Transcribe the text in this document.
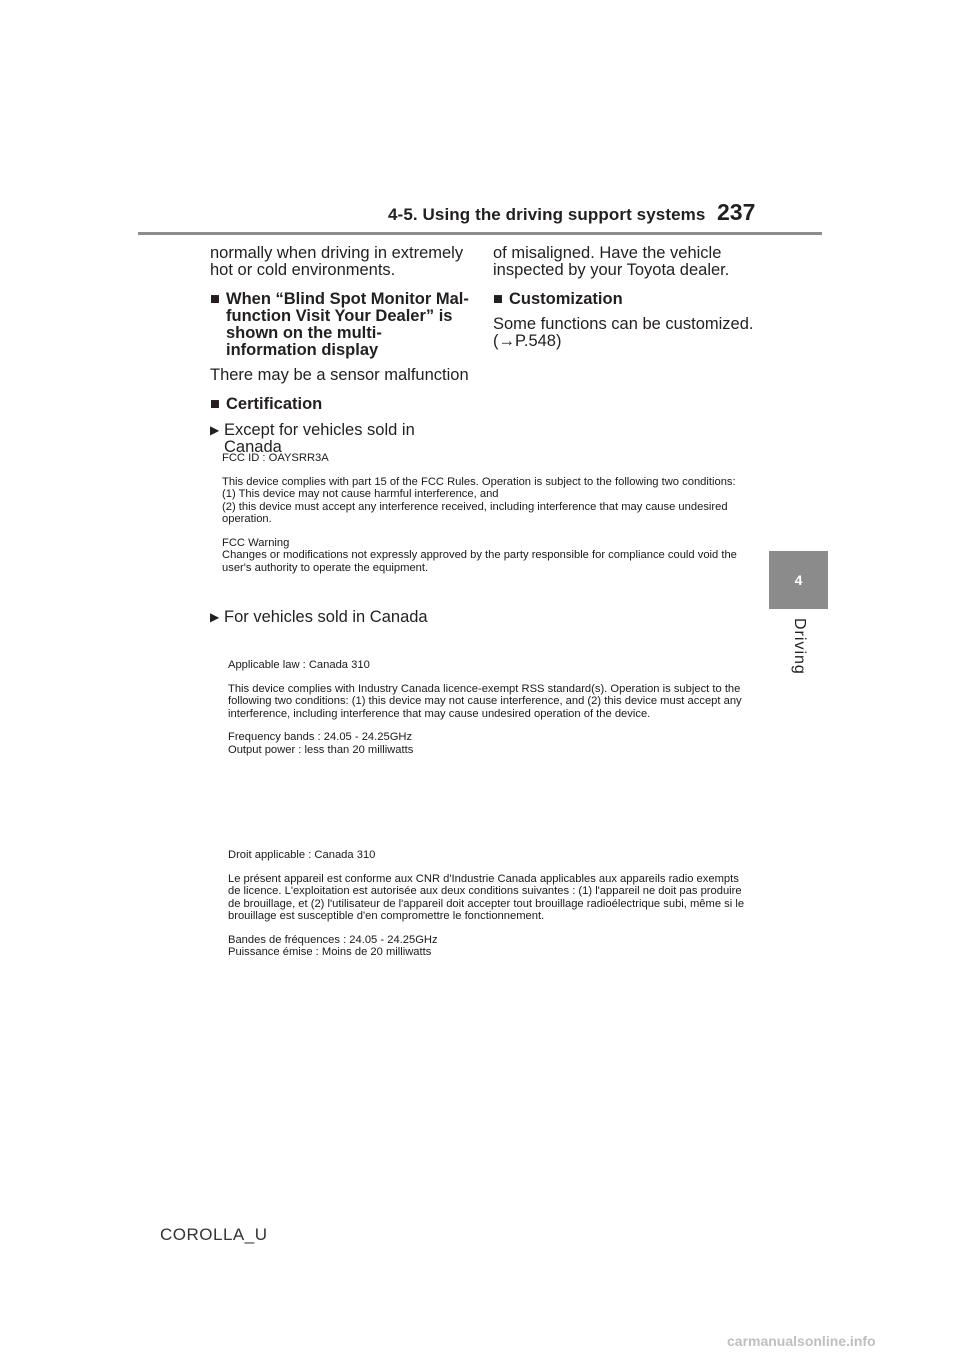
4-5. Using the driving support systems 237
4
Driving

normally when driving in extremely hot or cold environments.

■ When “Blind Spot Monitor Mal-function Visit Your Dealer” is shown on the multi-information display

There may be a sensor malfunction

■ Certification

▶ Except for vehicles sold in Canada

of misaligned. Have the vehicle inspected by your Toyota dealer.

■ Customization

Some functions can be customized. (→P.548)

FCC ID : OAYSRR3A

This device complies with part 15 of the FCC Rules. Operation is subject to the following two conditions:

(1) This device may not cause harmful interference, and

(2) this device must accept any interference received, including interference that may cause undesired operation.

FCC Warning

Changes or modifications not expressly approved by the party responsible for compliance could void the user's authority to operate the equipment.

▶ For vehicles sold in Canada

Applicable law : Canada 310

This device complies with Industry Canada licence-exempt RSS standard(s). Operation is subject to the following two conditions: (1) this device may not cause interference, and (2) this device must accept any interference, including interference that may cause undesired operation of the device.

Frequency bands : 24.05 - 24.25GHz

Output power : less than 20 milliwatts

Droit applicable : Canada 310

Le présent appareil est conforme aux CNR d'Industrie Canada applicables aux appareils radio exempts de licence. L'exploitation est autorisée aux deux conditions suivantes : (1) l'appareil ne doit pas produire de brouillage, et (2) l'utilisateur de l'appareil doit accepter tout brouillage radioélectrique subi, même si le brouillage est susceptible d'en compromettre le fonctionnement.

Bandes de fréquences : 24.05 - 24.25GHz

Puissance émise : Moins de 20 milliwatts

COROLLA_U
carmanualsonline.info
